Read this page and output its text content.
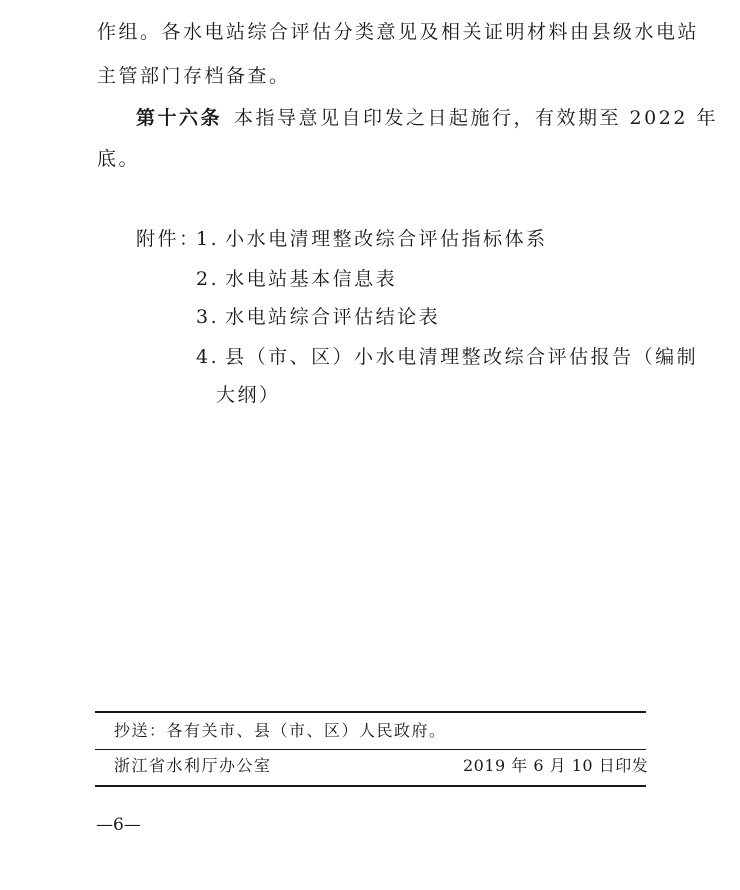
作组。各水电站综合评估分类意见及相关证明材料由县级水电站
主管部门存档备查。
第十六条 本指导意见自印发之日起施行，有效期至 2022 年
底。
附件：
1. 小水电清理整改综合评估指标体系
2. 水电站基本信息表
3. 水电站综合评估结论表
4. 县（市、区）小水电清理整改综合评估报告（编制
大纲）
抄送：各有关市、县（市、区）人民政府。
浙江省水利厅办公室	2019 年 6 月 10 日印发
—6—
